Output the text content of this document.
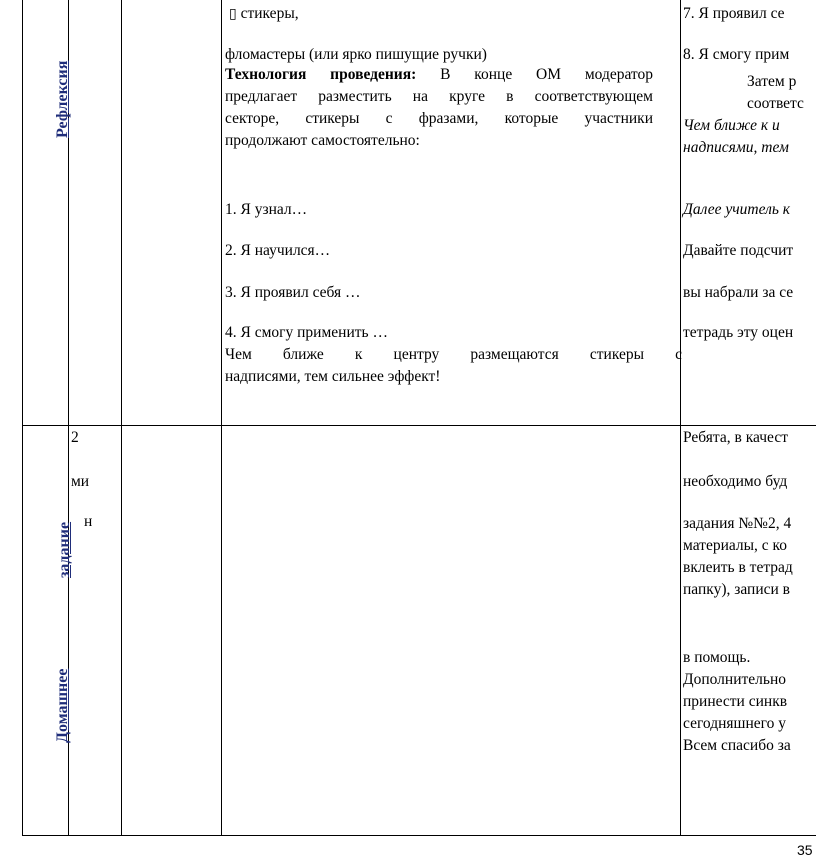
Рефлексия
▯ стикеры,
фломастеры (или ярко пишущие ручки)
Технология проведения: В конце ОМ модератор
предлагает разместить на круге в соответствующем
секторе, стикеры с фразами, которые участники
продолжают самостоятельно:
1. Я узнал…
2. Я научился…
3. Я проявил себя …
4. Я смогу применить …
Чем ближе к центру размещаются стикеры с
надписями, тем сильнее эффект!
7. Я проявил се
8. Я смогу прим
Затем р
соответс
Чем ближе к и
надписями, тем
Далее учитель к
Давайте подсчит
вы набрали за се
тетрадь эту оцен
Домашнее
задание
2
ми
н
Ребята, в качест
необходимо буд
задания №№2, 4
материалы, с ко
вклеить в тетрад
папку), записи в
в помощь.
Дополнительно
принести синкв
сегодняшнего у
Всем спасибо за
35
